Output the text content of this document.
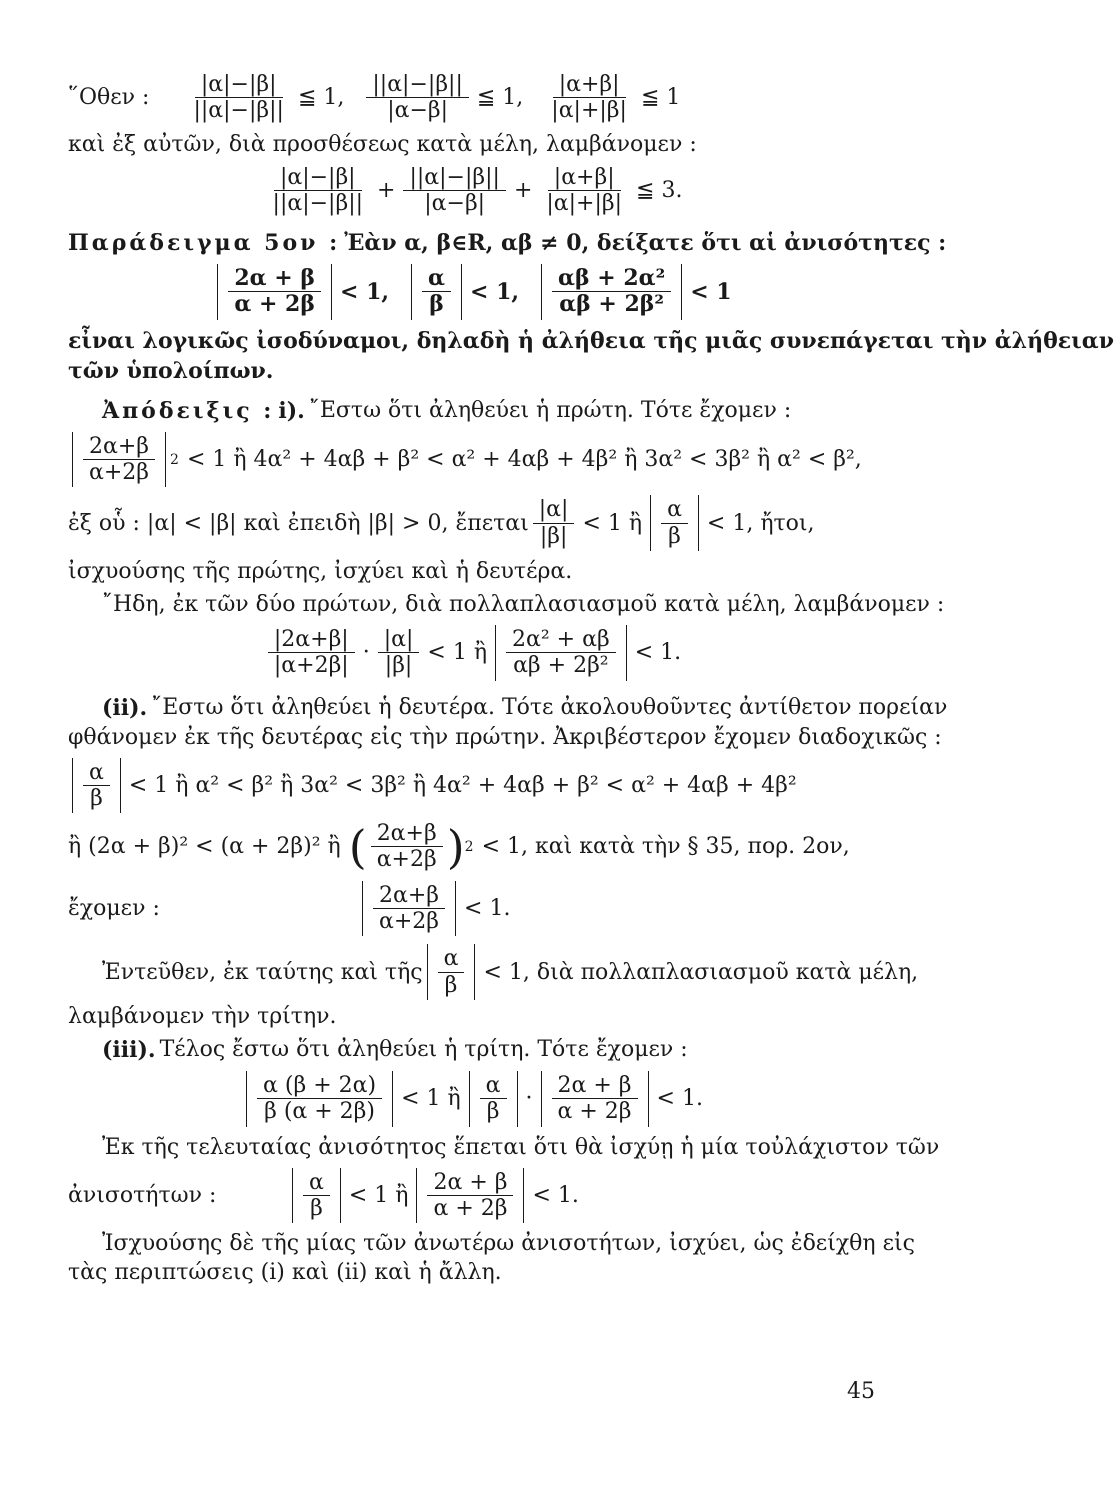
῞Οθεν : $\frac{|\alpha|-|\beta|}{||\alpha|-|\beta||}$ ≦ 1, $\frac{||\alpha|-|\beta||}{|\alpha-\beta|}$ ≦ 1, $\frac{|\alpha+\beta|}{|\alpha|+|\beta|}$ ≦ 1
καὶ ἐξ αὐτῶν, διὰ προσθέσεως κατὰ μέλη, λαμβάνομεν :
$\frac{|\alpha|-|\beta|}{||\alpha|-|\beta||} + \frac{||\alpha|-|\beta||}{|\alpha-\beta|} + \frac{|\alpha+\beta|}{|\alpha|+|\beta|}$ ≦ 3.
Παράδειγμα 5ον : Ἐὰν α, β∈R, αβ ≠ 0, δείξατε ὅτι αἱ ἀνισότητες :
$\frac{2\alpha + \beta}{\alpha + 2\beta} < 1$, $\frac{\alpha}{\beta} < 1$, $\frac{\text{αβ + 2α²}}{\text{αβ + 2β²}} < 1$
εἶναι λογικῶς ἰσοδύναμοι, δηλαδὴ ἡ ἀλήθεια τῆς μιᾶς συνεπάγεται τὴν ἀλήθειαν
τῶν ὑπολοίπων.
Ἀπόδειξις : i). ῎Εστω ὅτι ἀληθεύει ἡ πρώτη. Τότε ἔχομεν :
$\frac{2\alpha+\beta}{\alpha+2\beta} 2 < 1$ ἢ 4α² + 4αβ + β² < α² + 4αβ + 4β² ἢ 3α² < 3β² ἢ α² < β²,
ἐξ οὗ : |α| < |β| καὶ ἐπειδὴ |β| > 0, ἔπεται $\frac{|\alpha|}{|\beta|} < 1$ ἢ $\frac{\alpha}{\beta} < 1$, ἤτοι,
ἰσχυούσης τῆς πρώτης, ἰσχύει καὶ ἡ δευτέρα.
῎Ηδη, ἐκ τῶν δύο πρώτων, διὰ πολλαπλασιασμοῦ κατὰ μέλη, λαμβάνομεν :
$\frac{|2\alpha+\beta|}{|\alpha+2\beta|} \cdot \frac{|\alpha|}{|\beta|} < 1$ ἢ $\frac{\text{2α² + αβ}}{\text{αβ + 2β²}} < 1$.
(ii). ῎Εστω ὅτι ἀληθεύει ἡ δευτέρα. Τότε ἀκολουθοῦντες ἀντίθετον πορείαν
φθάνομεν ἐκ τῆς δευτέρας εἰς τὴν πρώτην. Ἀκριβέστερον ἔχομεν διαδοχικῶς :
$\frac{\alpha}{\beta} < 1$ ἢ α² < β² ἢ 3α² < 3β² ἢ 4α² + 4αβ + β² < α² + 4αβ + 4β²
ἢ (2α + β)² < (α + 2β)² ἢ ( $\frac{2\alpha+\beta}{\alpha+2\beta}$ ) 2 < 1, καὶ κατὰ τὴν § 35, πορ. 2ον,
ἔχομεν :	$\frac{2\alpha+\beta}{\alpha+2\beta} < 1$.
Ἐντεῦθεν, ἐκ ταύτης καὶ τῆς $\frac{\alpha}{\beta} < 1$, διὰ πολλαπλασιασμοῦ κατὰ μέλη,
λαμβάνομεν τὴν τρίτην.
(iii). Τέλος ἔστω ὅτι ἀληθεύει ἡ τρίτη. Τότε ἔχομεν :
$\frac{\alpha (\beta + 2\alpha)}{\beta (\alpha + 2\beta)} < 1$ ἢ $\frac{\alpha}{\beta} \cdot \frac{2\alpha + \beta}{\alpha + 2\beta} < 1$.
Ἐκ τῆς τελευταίας ἀνισότητος ἕπεται ὅτι θὰ ἰσχύῃ ἡ μία τοὐλάχιστον τῶν
ἀνισοτήτων :	$\frac{\alpha}{\beta} < 1$ ἢ $\frac{2\alpha + \beta}{\alpha + 2\beta} < 1$.
Ἰσχυούσης δὲ τῆς μίας τῶν ἀνωτέρω ἀνισοτήτων, ἰσχύει, ὡς ἐδείχθη εἰς
τὰς περιπτώσεις (i) καὶ (ii) καὶ ἡ ἄλλη.
45
